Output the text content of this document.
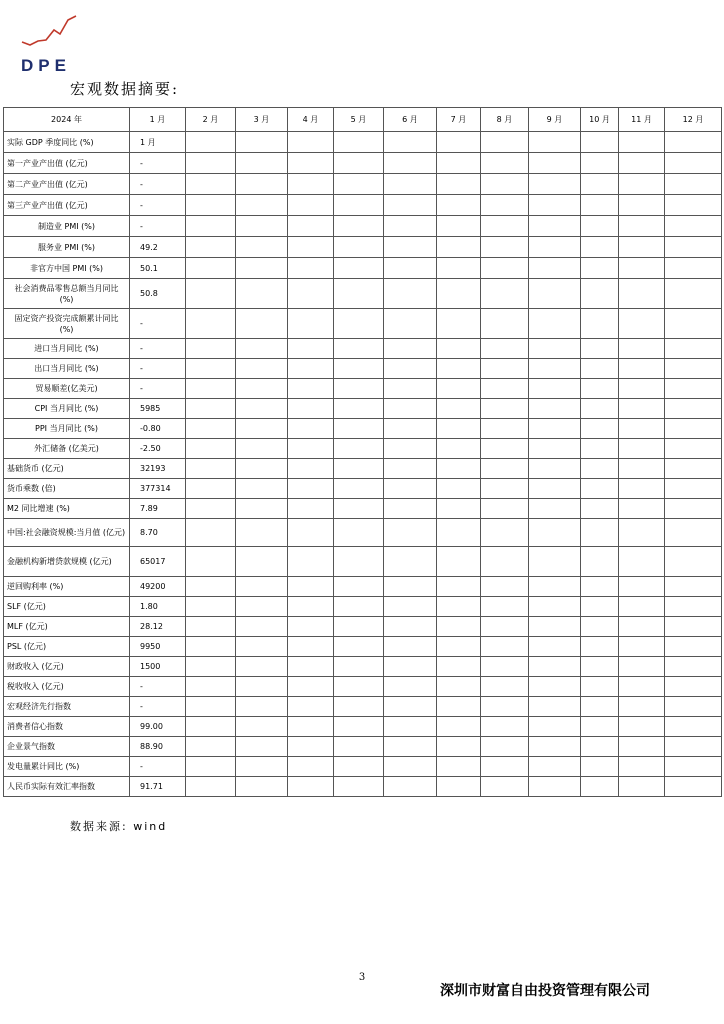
DPE
宏观数据摘要:
2024 年	1 月	2 月	3 月	4 月	5 月	6 月	7 月	8 月	9 月	10 月	11 月	12 月
实际 GDP 季度同比 (%)	1 月											
第一产业产出值 (亿元)	-											
第二产业产出值 (亿元)	-											
第三产业产出值 (亿元)	-											
制造业 PMI (%)	-											
服务业 PMI (%)	49.2											
非官方中国 PMI (%)	50.1											
社会消费品零售总额当月同比 (%)	50.8											
固定资产投资完成额累计同比 (%)	-											
进口当月同比 (%)	-											
出口当月同比 (%)	-											
贸易顺差(亿美元)	-											
CPI 当月同比 (%)	5985											
PPI 当月同比 (%)	-0.80											
外汇储备 (亿美元)	-2.50											
基础货币 (亿元)	32193											
货币乘数 (倍)	377314											
M2 同比增速 (%)	7.89											
中国:社会融资规模:当月值 (亿元)	8.70											
金融机构新增贷款规模 (亿元)	65017											
逆回购利率 (%)	49200											
SLF (亿元)	1.80											
MLF (亿元)	28.12											
PSL (亿元)	9950											
财政收入 (亿元)	1500											
税收收入 (亿元)	-											
宏观经济先行指数	-											
消费者信心指数	99.00											
企业景气指数	88.90											
发电量累计同比 (%)	-											
人民币实际有效汇率指数	91.71											
数据来源: wind
3
深圳市财富自由投资管理有限公司
